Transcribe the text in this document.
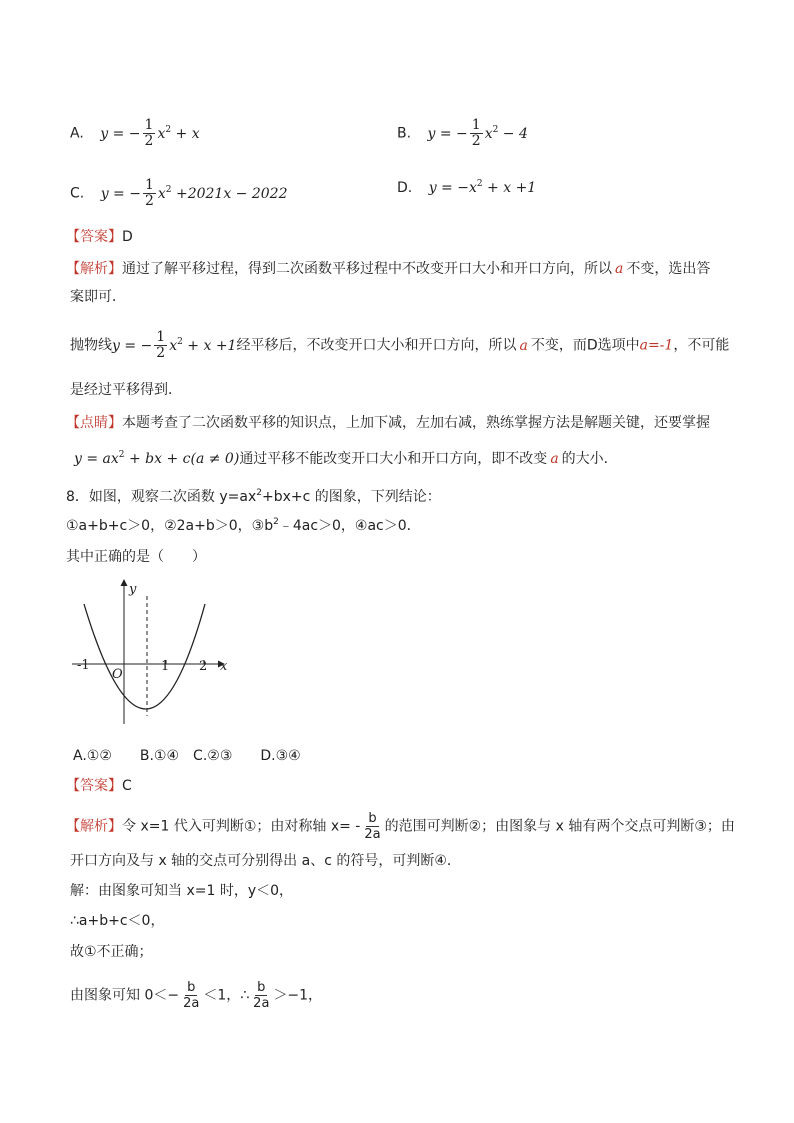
A. y = − $\frac{1}{2} x^2 + x$	B. y = − $\frac{1}{2} x^2 - 4$
C. y = − $\frac{1}{2} x^2 +2021x - 2022$	D. $y = -x^2 + x +1$
【答案】D
【解析】通过了解平移过程，得到二次函数平移过程中不改变开口大小和开口方向，所以 a 不变，选出答
案即可．
抛物线y = − $\frac{1}{2} x^2 + x +1$经平移后，不改变开口大小和开口方向，所以 a 不变，而D选项中a=-1，不可能
是经过平移得到．
【点睛】本题考查了二次函数平移的知识点，上加下减，左加右减，熟练掌握方法是解题关键，还要掌握
$y = ax^2$ + bx + c(a ≠ 0)通过平移不能改变开口大小和开口方向，即不改变 a 的大小．
8．如图，观察二次函数 $y=ax^2+bx+c$ 的图象，下列结论：
①a+b+c＞0，②2a+b＞0，$③b^2﹣4ac>0$，④ac＞0．
其中正确的是（　　）
y
x
O
-1	1 2
A.①②　　B.①④　C.②③　　D.③④
【答案】C
【解析】令 x=1 代入可判断①；由对称轴 $x= - \frac{b}{2a}$ 的范围可判断②；由图象与 x 轴有两个交点可判断③；由
开口方向及与 x 轴的交点可分别得出 a、c 的符号，可判断④．
解：由图象可知当 x=1 时，y＜0，
∴a+b+c＜0，
故①不正确；
由图象可知 $0<- \frac{b}{2a} <1$，∴ $\frac{b}{2a} >-1$，
